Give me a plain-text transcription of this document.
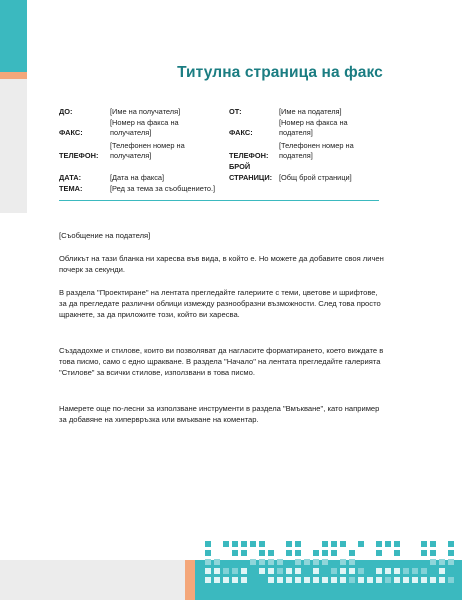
Титулна страница на факс
ДО:	[Име на получателя]
ФАКС:
[Номер на факса на
получателя]
ТЕЛЕФОН:
[Телефонен номер на
получателя]
ДАТА:	[Дата на факса]
ТЕМА:	[Ред за тема за съобщението.]
ОТ:	[Име на подателя]
ФАКС:
[Номер на факса на
подателя]
ТЕЛЕФОН:
[Телефонен номер на
подателя]
БРОЙ
СТРАНИЦИ: [Общ брой страници]
[Съобщение на подателя]
Обликът на тази бланка ни харесва във вида, в който е. Но можете да добавите своя личен почерк за секунди.
В раздела "Проектиране" на лентата прегледайте галериите с теми, цветове и шрифтове, за да прегледате различни облици измежду разнообразни възможности. След това просто щракнете, за да приложите този, който ви харесва.
Създадохме и стилове, които ви позволяват да нагласите форматирането, което виждате в това писмо, само с едно щракване. В раздела "Начало" на лентата прегледайте галерията "Стилове" за всички стилове, използвани в това писмо.
Намерете още по-лесни за използване инструменти в раздела "Вмъкване", като например за добавяне на хипервръзка или вмъкване на коментар.
